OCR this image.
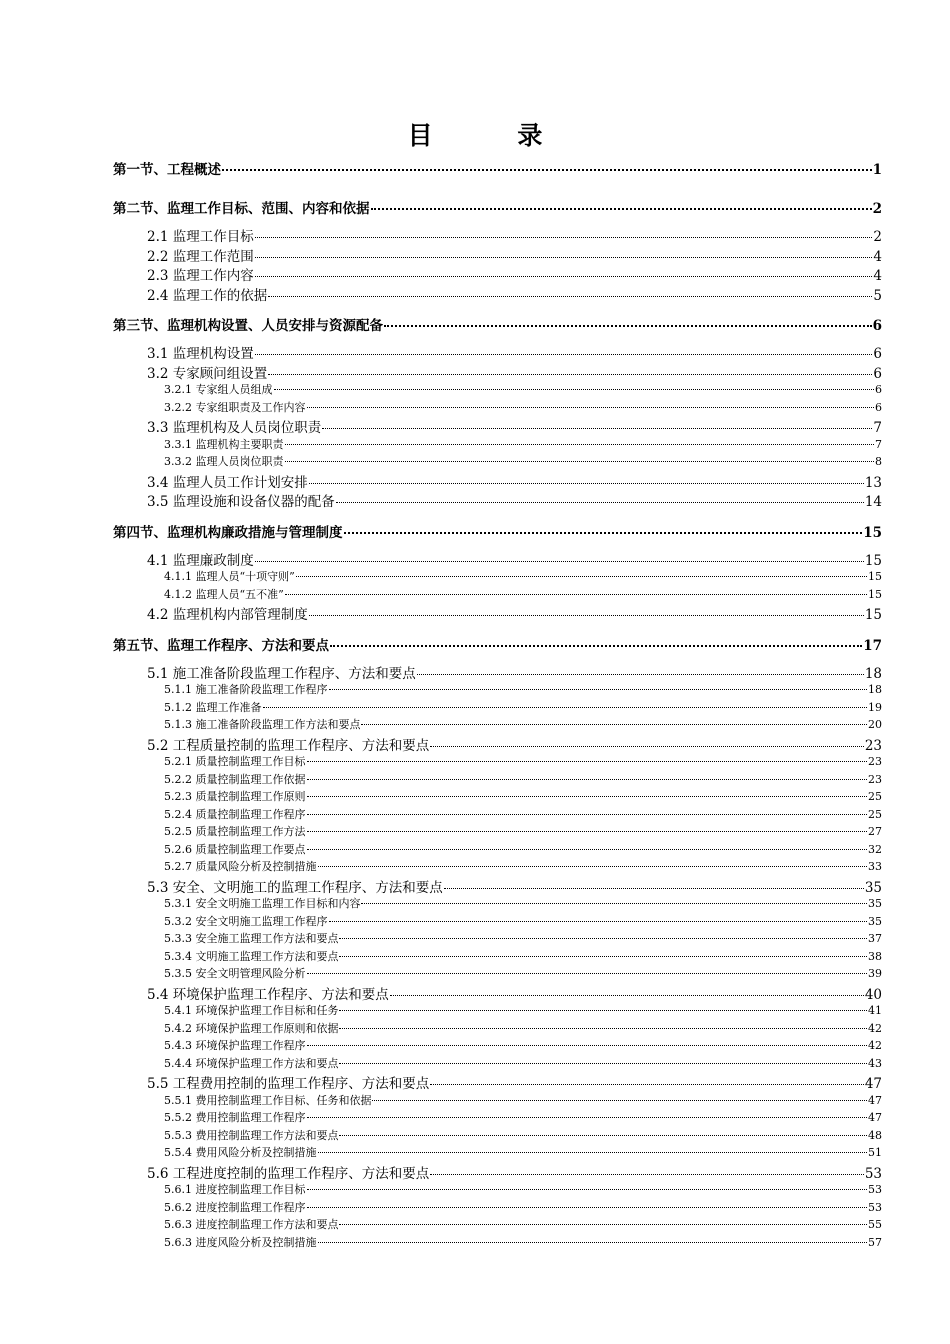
目 录
第一节、工程概述	1
第二节、监理工作目标、范围、内容和依据	2
2.1 监理工作目标	2
2.2 监理工作范围	4
2.3 监理工作内容	4
2.4 监理工作的依据	5
第三节、监理机构设置、人员安排与资源配备	6
3.1 监理机构设置	6
3.2 专家顾问组设置	6
3.2.1 专家组人员组成	6
3.2.2 专家组职责及工作内容	6
3.3 监理机构及人员岗位职责	7
3.3.1 监理机构主要职责	7
3.3.2 监理人员岗位职责	8
3.4 监理人员工作计划安排	13
3.5 监理设施和设备仪器的配备	14
第四节、监理机构廉政措施与管理制度	15
4.1 监理廉政制度	15
4.1.1 监理人员“十项守则”	15
4.1.2 监理人员“五不准”	15
4.2 监理机构内部管理制度	15
第五节、监理工作程序、方法和要点	17
5.1 施工准备阶段监理工作程序、方法和要点	18
5.1.1 施工准备阶段监理工作程序	18
5.1.2 监理工作准备	19
5.1.3 施工准备阶段监理工作方法和要点	20
5.2 工程质量控制的监理工作程序、方法和要点	23
5.2.1 质量控制监理工作目标	23
5.2.2 质量控制监理工作依据	23
5.2.3 质量控制监理工作原则	25
5.2.4 质量控制监理工作程序	25
5.2.5 质量控制监理工作方法	27
5.2.6 质量控制监理工作要点	32
5.2.7 质量风险分析及控制措施	33
5.3 安全、文明施工的监理工作程序、方法和要点	35
5.3.1 安全文明施工监理工作目标和内容	35
5.3.2 安全文明施工监理工作程序	35
5.3.3 安全施工监理工作方法和要点	37
5.3.4 文明施工监理工作方法和要点	38
5.3.5 安全文明管理风险分析	39
5.4 环境保护监理工作程序、方法和要点	40
5.4.1 环境保护监理工作目标和任务	41
5.4.2 环境保护监理工作原则和依据	42
5.4.3 环境保护监理工作程序	42
5.4.4 环境保护监理工作方法和要点	43
5.5 工程费用控制的监理工作程序、方法和要点	47
5.5.1 费用控制监理工作目标、任务和依据	47
5.5.2 费用控制监理工作程序	47
5.5.3 费用控制监理工作方法和要点	48
5.5.4 费用风险分析及控制措施	51
5.6 工程进度控制的监理工作程序、方法和要点	53
5.6.1 进度控制监理工作目标	53
5.6.2 进度控制监理工作程序	53
5.6.3 进度控制监理工作方法和要点	55
5.6.3 进度风险分析及控制措施	57
